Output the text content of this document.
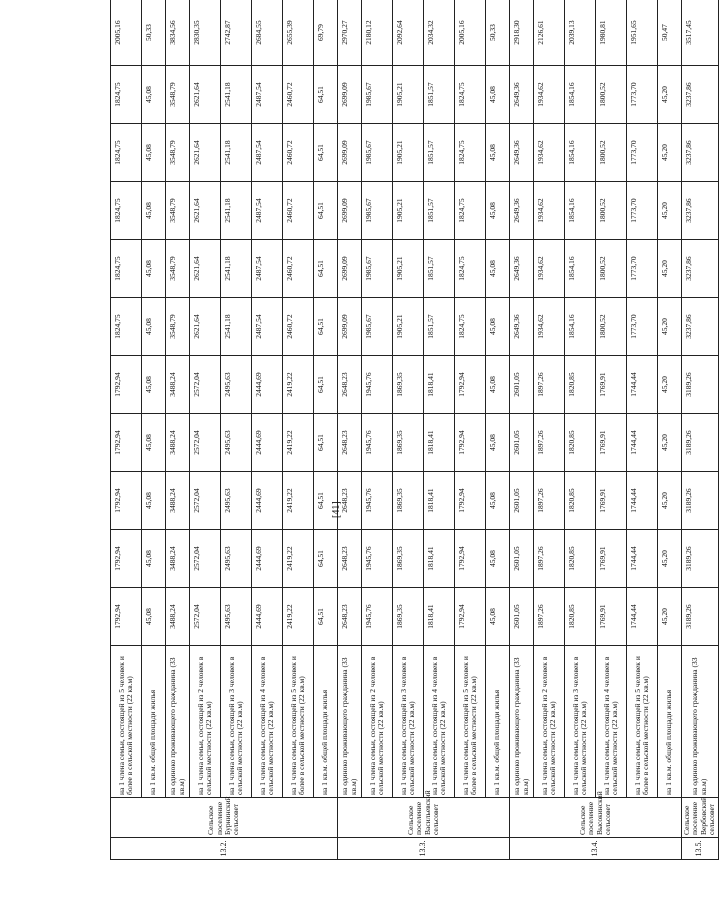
13.2.	Сельское поселение Бурнинский сельсовет	на 1 члена семьи, состоящей из 5 человек и более в сельской местности (22 кв.м)	1792,94	1792,94	1792,94	1792,94	1792,94	1824,75	1824,75	1824,75	1824,75	1824,75	2005,16
		на 1 кв.м. общей площади жилья	45,08	45,08	45,08	45,08	45,08	45,08	45,08	45,08	45,08	45,08	50,33
		на одиноко проживающего гражданина (33 кв.м)	3488,24	3488,24	3488,24	3488,24	3488,24	3548,79	3548,79	3548,79	3548,79	3548,79	3834,56
		на 1 члена семьи, состоящей из 2 человек в сельской местности (22 кв.м)	2572,04	2572,04	2572,04	2572,04	2572,04	2621,64	2621,64	2621,64	2621,64	2621,64	2830,35
		на 1 члена семьи, состоящей из 3 человек в сельской местности (22 кв.м)	2495,63	2495,63	2495,63	2495,63	2495,63	2541,18	2541,18	2541,18	2541,18	2541,18	2742,87
		на 1 члена семьи, состоящей из 4 человек в сельской местности (22 кв.м)	2444,69	2444,69	2444,69	2444,69	2444,69	2487,54	2487,54	2487,54	2487,54	2487,54	2684,55
		на 1 члена семьи, состоящей из 5 человек и более в сельской местности (22 кв.м)	2419,22	2419,22	2419,22	2419,22	2419,22	2460,72	2460,72	2460,72	2460,72	2460,72	2655,39
		на 1 кв.м. общей площади жилья	64,51	64,51	64,51	64,51	64,51	64,51	64,51	64,51	64,51	64,51	69,79
13.3.	Сельское поселение Васильевский сельсовет	на одиноко проживающего гражданина (33 кв.м)	2648,23	2648,23	2648,23	2648,23	2648,23	2699,09	2699,09	2699,09	2699,09	2699,09	2970,27
		на 1 члена семьи, состоящей из 2 человек в сельской местности (22 кв.м)	1945,76	1945,76	1945,76	1945,76	1945,76	1985,67	1985,67	1985,67	1985,67	1985,67	2180,12
		на 1 члена семьи, состоящей из 3 человек в сельской местности (22 кв.м)	1869,35	1869,35	1869,35	1869,35	1869,35	1905,21	1905,21	1905,21	1905,21	1905,21	2092,64
		на 1 члена семьи, состоящей из 4 человек в сельской местности (22 кв.м)	1818,41	1818,41	1818,41	1818,41	1818,41	1851,57	1851,57	1851,57	1851,57	1851,57	2034,32
		на 1 члена семьи, состоящей из 5 человек и более в сельской местности (22 кв.м)	1792,94	1792,94	1792,94	1792,94	1792,94	1824,75	1824,75	1824,75	1824,75	1824,75	2005,16
		на 1 кв.м. общей площади жилья	45,08	45,08	45,08	45,08	45,08	45,08	45,08	45,08	45,08	45,08	50,33
13.4.	Сельское поселение Высокинский сельсовет	на одиноко проживающего гражданина (33 кв.м)	2601,05	2601,05	2601,05	2601,05	2601,05	2649,36	2649,36	2649,36	2649,36	2649,36	2918,30
		на 1 члена семьи, состоящей из 2 человек в сельской местности (22 кв.м)	1897,26	1897,26	1897,26	1897,26	1897,26	1934,62	1934,62	1934,62	1934,62	1934,62	2126,61
		на 1 члена семьи, состоящей из 3 человек в сельской местности (22 кв.м)	1820,85	1820,85	1820,85	1820,85	1820,85	1854,16	1854,16	1854,16	1854,16	1854,16	2039,13
		на 1 члена семьи, состоящей из 4 человек в сельской местности (22 кв.м)	1769,91	1769,91	1769,91	1769,91	1769,91	1800,52	1800,52	1800,52	1800,52	1800,52	1980,81
		на 1 члена семьи, состоящей из 5 человек и более в сельской местности (22 кв.м)	1744,44	1744,44	1744,44	1744,44	1744,44	1773,70	1773,70	1773,70	1773,70	1773,70	1951,65
		на 1 кв.м. общей площади жилья	45,20	45,20	45,20	45,20	45,20	45,20	45,20	45,20	45,20	45,20	50,47
13.5.	Сельское поселение Вербовский сельсовет	на одиноко проживающего гражданина (33 кв.м)	3189,26	3189,26	3189,26	3189,26	3189,26	3237,86	3237,86	3237,86	3237,86	3237,86	3517,45
[41]
